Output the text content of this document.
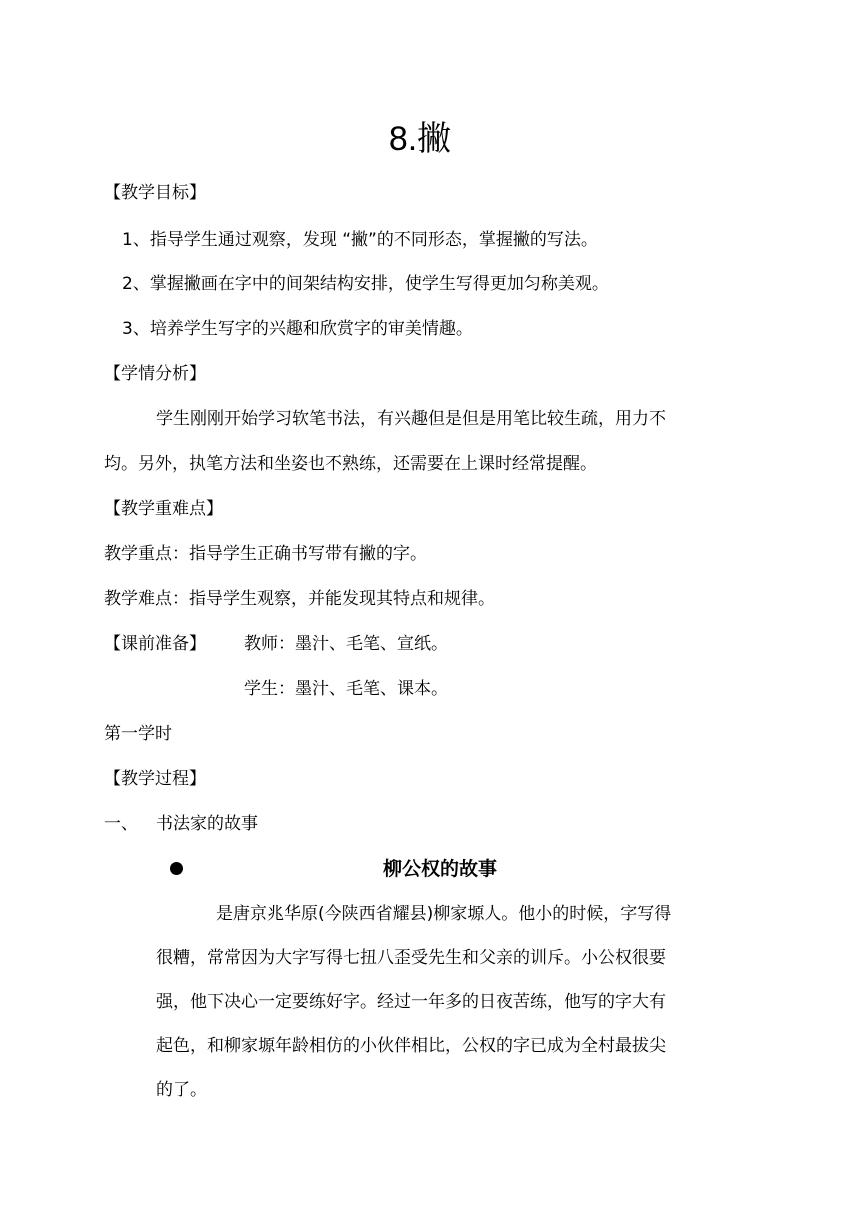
8.撇
【教学目标】
1、指导学生通过观察，发现 “撇”的不同形态，掌握撇的写法。
2、掌握撇画在字中的间架结构安排，使学生写得更加匀称美观。
3、培养学生写字的兴趣和欣赏字的审美情趣。
【学情分析】
学生刚刚开始学习软笔书法，有兴趣但是但是用笔比较生疏，用力不
均。另外，执笔方法和坐姿也不熟练，还需要在上课时经常提醒。
【教学重难点】
教学重点：指导学生正确书写带有撇的字。
教学难点：指导学生观察，并能发现其特点和规律。
【课前准备】 教师：墨汁、毛笔、宣纸。
学生：墨汁、毛笔、课本。
第一学时
【教学过程】
一、 书法家的故事
柳公权的故事
是唐京兆华原(今陕西省耀县)柳家塬人。他小的时候，字写得
很糟，常常因为大字写得七扭八歪受先生和父亲的训斥。小公权很要
强，他下决心一定要练好字。经过一年多的日夜苦练，他写的字大有
起色，和柳家塬年龄相仿的小伙伴相比，公权的字已成为全村最拔尖
的了。
